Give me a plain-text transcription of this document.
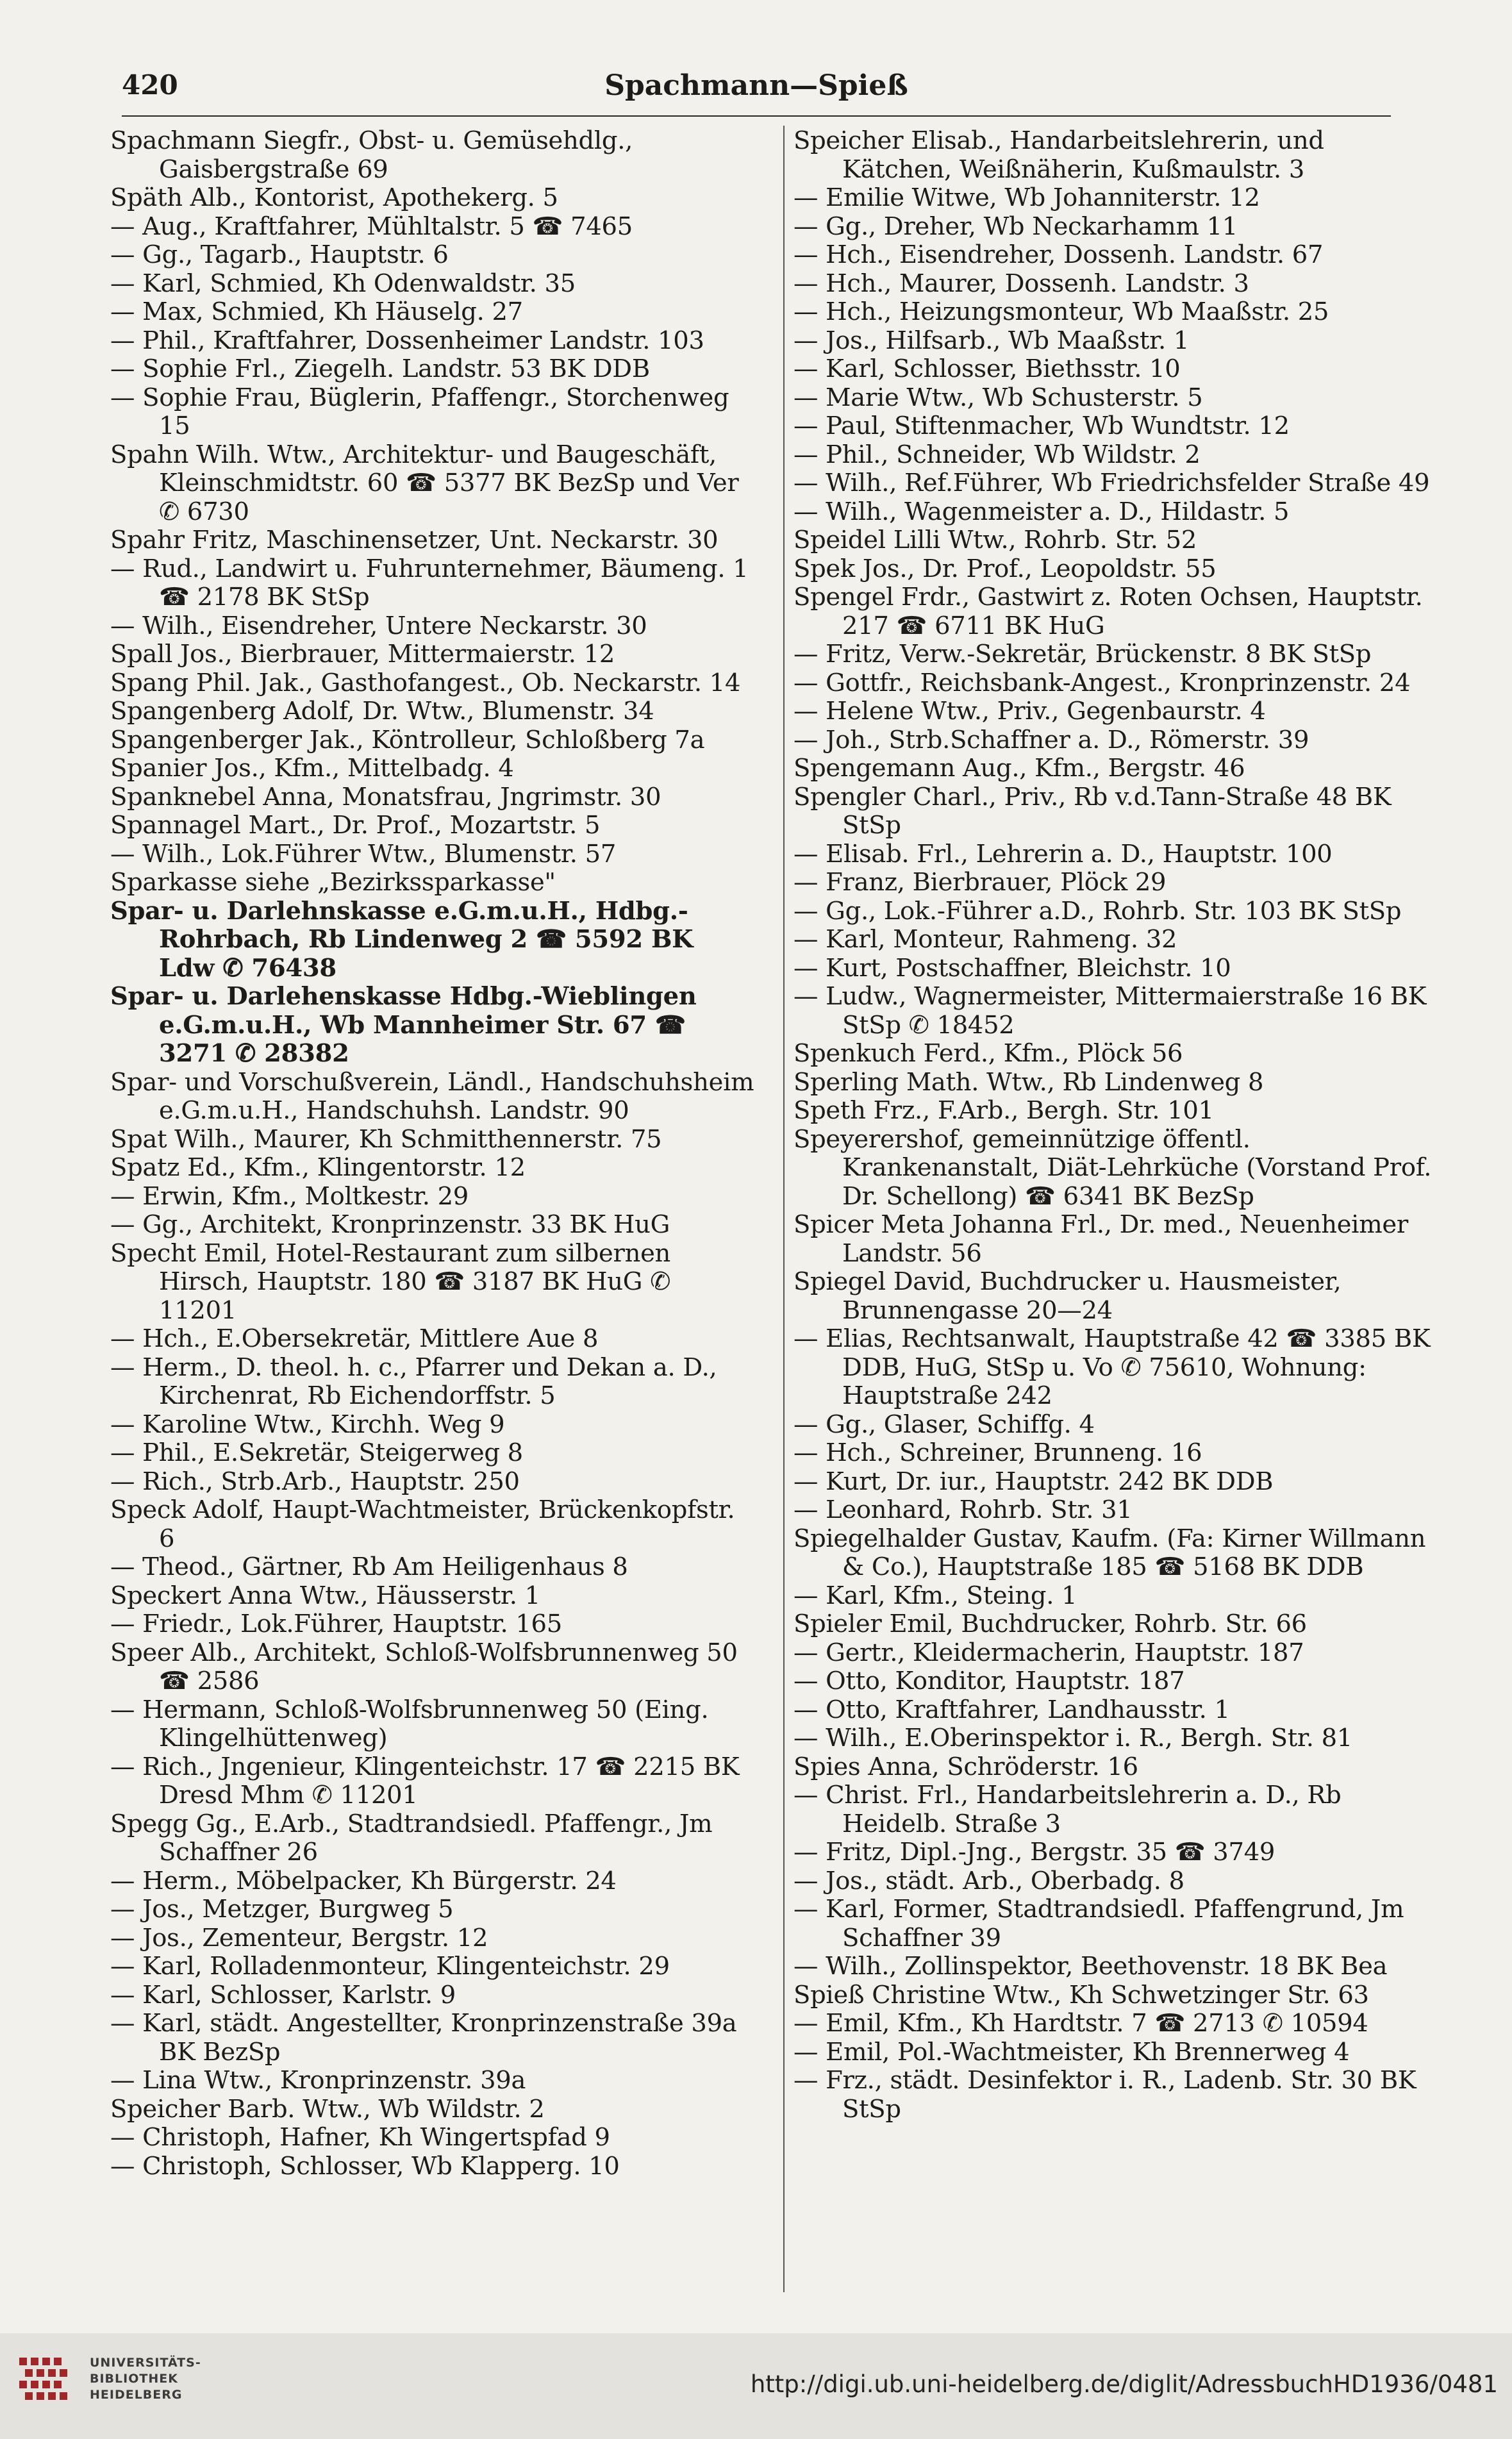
420	Spachmann—Spieß
Spachmann Siegfr., Obst- u. Gemüsehdlg., Gaisbergstraße 69
Späth Alb., Kontorist, Apothekerg. 5
— Aug., Kraftfahrer, Mühltalstr. 5 ☎ 7465
— Gg., Tagarb., Hauptstr. 6
— Karl, Schmied, Kh Odenwaldstr. 35
— Max, Schmied, Kh Häuselg. 27
— Phil., Kraftfahrer, Dossenheimer Landstr. 103
— Sophie Frl., Ziegelh. Landstr. 53 BK DDB
— Sophie Frau, Büglerin, Pfaffengr., Storchenweg 15
Spahn Wilh. Wtw., Architektur- und Baugeschäft, Kleinschmidtstr. 60 ☎ 5377 BK BezSp und Ver ✆ 6730
Spahr Fritz, Maschinensetzer, Unt. Neckarstr. 30
— Rud., Landwirt u. Fuhrunternehmer, Bäumeng. 1 ☎ 2178 BK StSp
— Wilh., Eisendreher, Untere Neckarstr. 30
Spall Jos., Bierbrauer, Mittermaierstr. 12
Spang Phil. Jak., Gasthofangest., Ob. Neckarstr. 14
Spangenberg Adolf, Dr. Wtw., Blumenstr. 34
Spangenberger Jak., Köntrolleur, Schloßberg 7a
Spanier Jos., Kfm., Mittelbadg. 4
Spanknebel Anna, Monatsfrau, Jngrimstr. 30
Spannagel Mart., Dr. Prof., Mozartstr. 5
— Wilh., Lok.Führer Wtw., Blumenstr. 57
Sparkasse siehe „Bezirkssparkasse"
Spar- u. Darlehnskasse e.G.m.u.H., Hdbg.-Rohrbach, Rb Lindenweg 2 ☎ 5592 BK Ldw ✆ 76438
Spar- u. Darlehenskasse Hdbg.-Wieblingen e.G.m.u.H., Wb Mannheimer Str. 67 ☎ 3271 ✆ 28382
Spar- und Vorschußverein, Ländl., Handschuhsheim e.G.m.u.H., Handschuhsh. Landstr. 90
Spat Wilh., Maurer, Kh Schmitthennerstr. 75
Spatz Ed., Kfm., Klingentorstr. 12
— Erwin, Kfm., Moltkestr. 29
— Gg., Architekt, Kronprinzenstr. 33 BK HuG
Specht Emil, Hotel-Restaurant zum silbernen Hirsch, Hauptstr. 180 ☎ 3187 BK HuG ✆ 11201
— Hch., E.Obersekretär, Mittlere Aue 8
— Herm., D. theol. h. c., Pfarrer und Dekan a. D., Kirchenrat, Rb Eichendorffstr. 5
— Karoline Wtw., Kirchh. Weg 9
— Phil., E.Sekretär, Steigerweg 8
— Rich., Strb.Arb., Hauptstr. 250
Speck Adolf, Haupt-Wachtmeister, Brückenkopfstr. 6
— Theod., Gärtner, Rb Am Heiligenhaus 8
Speckert Anna Wtw., Häusserstr. 1
— Friedr., Lok.Führer, Hauptstr. 165
Speer Alb., Architekt, Schloß-Wolfsbrunnenweg 50 ☎ 2586
— Hermann, Schloß-Wolfsbrunnenweg 50 (Eing. Klingelhüttenweg)
— Rich., Jngenieur, Klingenteichstr. 17 ☎ 2215 BK Dresd Mhm ✆ 11201
Spegg Gg., E.Arb., Stadtrandsiedl. Pfaffengr., Jm Schaffner 26
— Herm., Möbelpacker, Kh Bürgerstr. 24
— Jos., Metzger, Burgweg 5
— Jos., Zementeur, Bergstr. 12
— Karl, Rolladenmonteur, Klingenteichstr. 29
— Karl, Schlosser, Karlstr. 9
— Karl, städt. Angestellter, Kronprinzenstraße 39a BK BezSp
— Lina Wtw., Kronprinzenstr. 39a
Speicher Barb. Wtw., Wb Wildstr. 2
— Christoph, Hafner, Kh Wingertspfad 9
— Christoph, Schlosser, Wb Klapperg. 10
Speicher Elisab., Handarbeitslehrerin, und Kätchen, Weißnäherin, Kußmaulstr. 3
— Emilie Witwe, Wb Johanniterstr. 12
— Gg., Dreher, Wb Neckarhamm 11
— Hch., Eisendreher, Dossenh. Landstr. 67
— Hch., Maurer, Dossenh. Landstr. 3
— Hch., Heizungsmonteur, Wb Maaßstr. 25
— Jos., Hilfsarb., Wb Maaßstr. 1
— Karl, Schlosser, Biethsstr. 10
— Marie Wtw., Wb Schusterstr. 5
— Paul, Stiftenmacher, Wb Wundtstr. 12
— Phil., Schneider, Wb Wildstr. 2
— Wilh., Ref.Führer, Wb Friedrichsfelder Straße 49
— Wilh., Wagenmeister a. D., Hildastr. 5
Speidel Lilli Wtw., Rohrb. Str. 52
Spek Jos., Dr. Prof., Leopoldstr. 55
Spengel Frdr., Gastwirt z. Roten Ochsen, Hauptstr. 217 ☎ 6711 BK HuG
— Fritz, Verw.-Sekretär, Brückenstr. 8 BK StSp
— Gottfr., Reichsbank-Angest., Kronprinzenstr. 24
— Helene Wtw., Priv., Gegenbaurstr. 4
— Joh., Strb.Schaffner a. D., Römerstr. 39
Spengemann Aug., Kfm., Bergstr. 46
Spengler Charl., Priv., Rb v.d.Tann-Straße 48 BK StSp
— Elisab. Frl., Lehrerin a. D., Hauptstr. 100
— Franz, Bierbrauer, Plöck 29
— Gg., Lok.-Führer a.D., Rohrb. Str. 103 BK StSp
— Karl, Monteur, Rahmeng. 32
— Kurt, Postschaffner, Bleichstr. 10
— Ludw., Wagnermeister, Mittermaierstraße 16 BK StSp ✆ 18452
Spenkuch Ferd., Kfm., Plöck 56
Sperling Math. Wtw., Rb Lindenweg 8
Speth Frz., F.Arb., Bergh. Str. 101
Speyerershof, gemeinnützige öffentl. Krankenanstalt, Diät-Lehrküche (Vorstand Prof. Dr. Schellong) ☎ 6341 BK BezSp
Spicer Meta Johanna Frl., Dr. med., Neuenheimer Landstr. 56
Spiegel David, Buchdrucker u. Hausmeister, Brunnengasse 20—24
— Elias, Rechtsanwalt, Hauptstraße 42 ☎ 3385 BK DDB, HuG, StSp u. Vo ✆ 75610, Wohnung: Hauptstraße 242
— Gg., Glaser, Schiffg. 4
— Hch., Schreiner, Brunneng. 16
— Kurt, Dr. iur., Hauptstr. 242 BK DDB
— Leonhard, Rohrb. Str. 31
Spiegelhalder Gustav, Kaufm. (Fa: Kirner Willmann & Co.), Hauptstraße 185 ☎ 5168 BK DDB
— Karl, Kfm., Steing. 1
Spieler Emil, Buchdrucker, Rohrb. Str. 66
— Gertr., Kleidermacherin, Hauptstr. 187
— Otto, Konditor, Hauptstr. 187
— Otto, Kraftfahrer, Landhausstr. 1
— Wilh., E.Oberinspektor i. R., Bergh. Str. 81
Spies Anna, Schröderstr. 16
— Christ. Frl., Handarbeitslehrerin a. D., Rb Heidelb. Straße 3
— Fritz, Dipl.-Jng., Bergstr. 35 ☎ 3749
— Jos., städt. Arb., Oberbadg. 8
— Karl, Former, Stadtrandsiedl. Pfaffengrund, Jm Schaffner 39
— Wilh., Zollinspektor, Beethovenstr. 18 BK Bea
Spieß Christine Wtw., Kh Schwetzinger Str. 63
— Emil, Kfm., Kh Hardtstr. 7 ☎ 2713 ✆ 10594
— Emil, Pol.-Wachtmeister, Kh Brennerweg 4
— Frz., städt. Desinfektor i. R., Ladenb. Str. 30 BK StSp
UNIVERSITÄTS-
BIBLIOTHEK
HEIDELBERG	http://digi.ub.uni-heidelberg.de/diglit/AdressbuchHD1936/0481
